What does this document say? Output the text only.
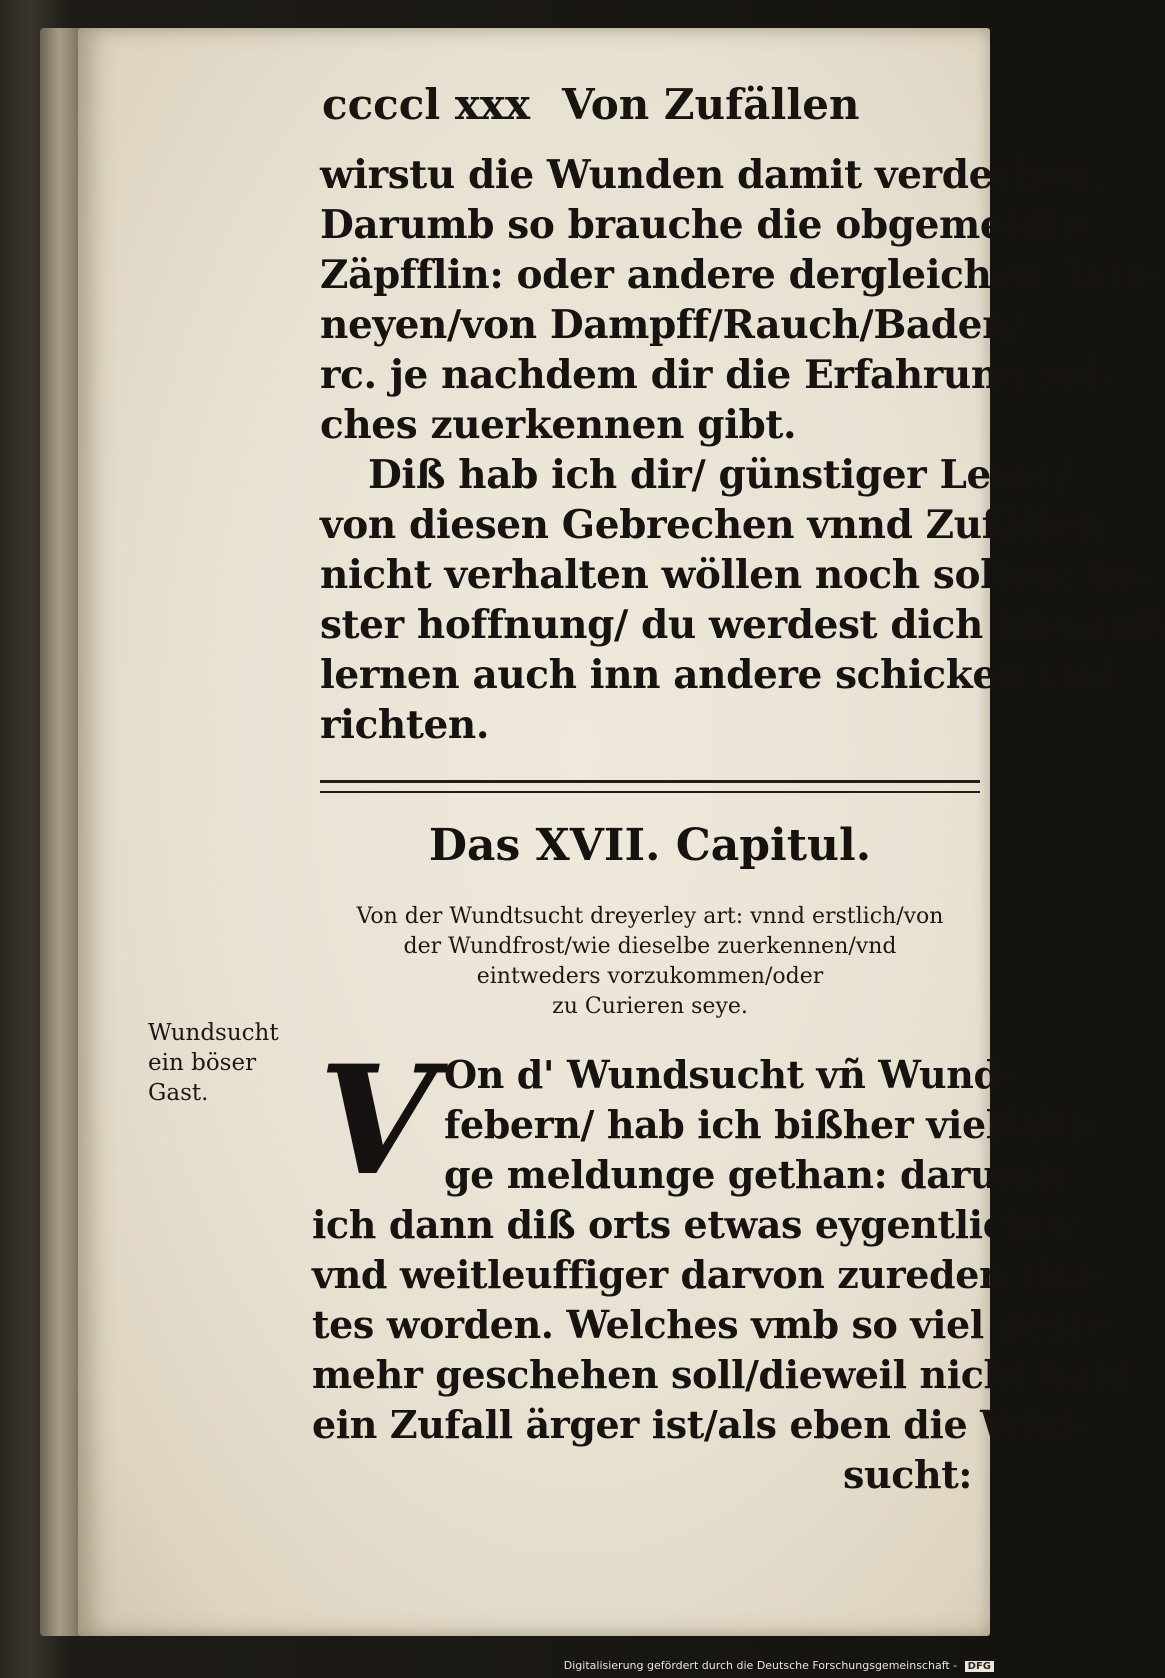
ccccl xxx Von Zufällen
wirstu die Wunden damit verderben.
Darumb so brauche die obgemeldte
Zäpfflin: oder andere dergleichen Artz-
neyen/von Dampff/Rauch/Baden/
rc. je nachdem dir die Erfahrung sol-
ches zuerkennen gibt.
Diß hab ich dir/ günstiger Leser/
von diesen Gebrechen vnnd Zufällen
nicht verhalten wöllen noch sollen: be-
ster hoffnung/ du werdest dich hierauß
lernen auch inn andere schicken vnd
richten.
Das XVII. Capitul.
Von der Wundtsucht dreyerley art: vnnd erstlich/von
der Wundfrost/wie dieselbe zuerkennen/vnd
eintweders vorzukommen/oder
zu Curieren seye.
Wundsucht
ein böser
Gast. V On d' Wundsucht vñ Wund-
febern/ hab ich bißher vielfalti-
ge meldunge gethan: darumb
ich dann diß orts etwas eygentlicher
vnd weitleuffiger darvon zureden rha-
tes worden. Welches vmb so viel deste
mehr geschehen soll/dieweil nicht bald
ein Zufall ärger ist/als eben die Wüd-
sucht:
Digitalisierung gefördert durch die Deutsche Forschungsgemeinschaft - DFG
